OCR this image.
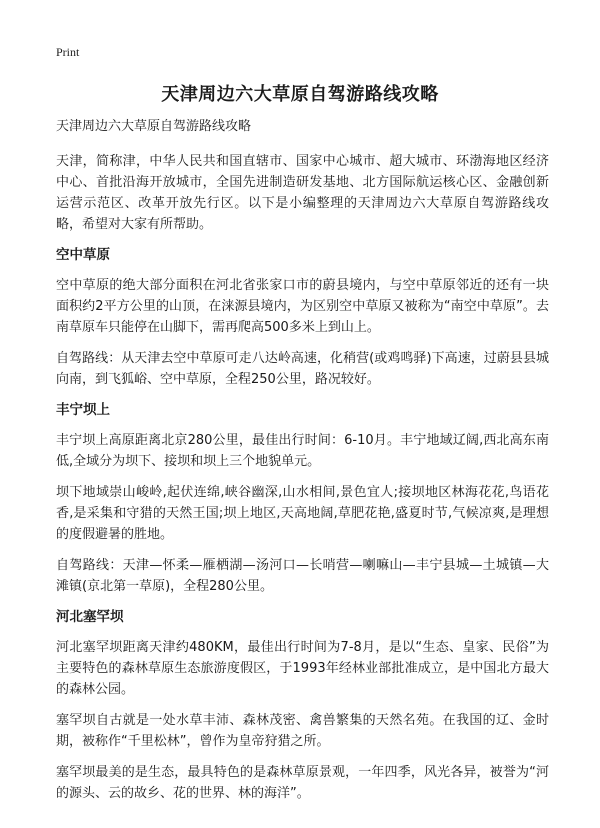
Print
天津周边六大草原自驾游路线攻略

天津周边六大草原自驾游路线攻略

天津，简称津，中华人民共和国直辖市、国家中心城市、超大城市、环渤海地区经济中心、首批沿海开放城市，全国先进制造研发基地、北方国际航运核心区、金融创新运营示范区、改革开放先行区。以下是小编整理的天津周边六大草原自驾游路线攻略，希望对大家有所帮助。

空中草原

空中草原的绝大部分面积在河北省张家口市的蔚县境内，与空中草原邻近的还有一块面积约2平方公里的山顶，在涞源县境内，为区别空中草原又被称为“南空中草原”。去南草原车只能停在山脚下，需再爬高500多米上到山上。

自驾路线：从天津去空中草原可走八达岭高速，化稍营(或鸡鸣驿)下高速，过蔚县县城向南，到飞狐峪、空中草原，全程250公里，路况较好。

丰宁坝上

丰宁坝上高原距离北京280公里，最佳出行时间：6-10月。丰宁地域辽阔,西北高东南低,全域分为坝下、接坝和坝上三个地貌单元。

坝下地域崇山峻岭,起伏连绵,峡谷幽深,山水相间,景色宜人;接坝地区林海花花,鸟语花香,是采集和守猎的天然王国;坝上地区,天高地阔,草肥花艳,盛夏时节,气候凉爽,是理想的度假避暑的胜地。

自驾路线：天津—怀柔—雁栖湖—汤河口—长哨营—喇嘛山—丰宁县城—土城镇—大滩镇(京北第一草原)，全程280公里。

河北塞罕坝

河北塞罕坝距离天津约480KM，最佳出行时间为7-8月，是以“生态、皇家、民俗”为主要特色的森林草原生态旅游度假区，于1993年经林业部批准成立，是中国北方最大的森林公园。

塞罕坝自古就是一处水草丰沛、森林茂密、禽兽繁集的天然名苑。在我国的辽、金时期，被称作“千里松林”，曾作为皇帝狩猎之所。

塞罕坝最美的是生态，最具特色的是森林草原景观，一年四季，风光各异，被誉为“河的源头、云的故乡、花的世界、林的海洋”。
